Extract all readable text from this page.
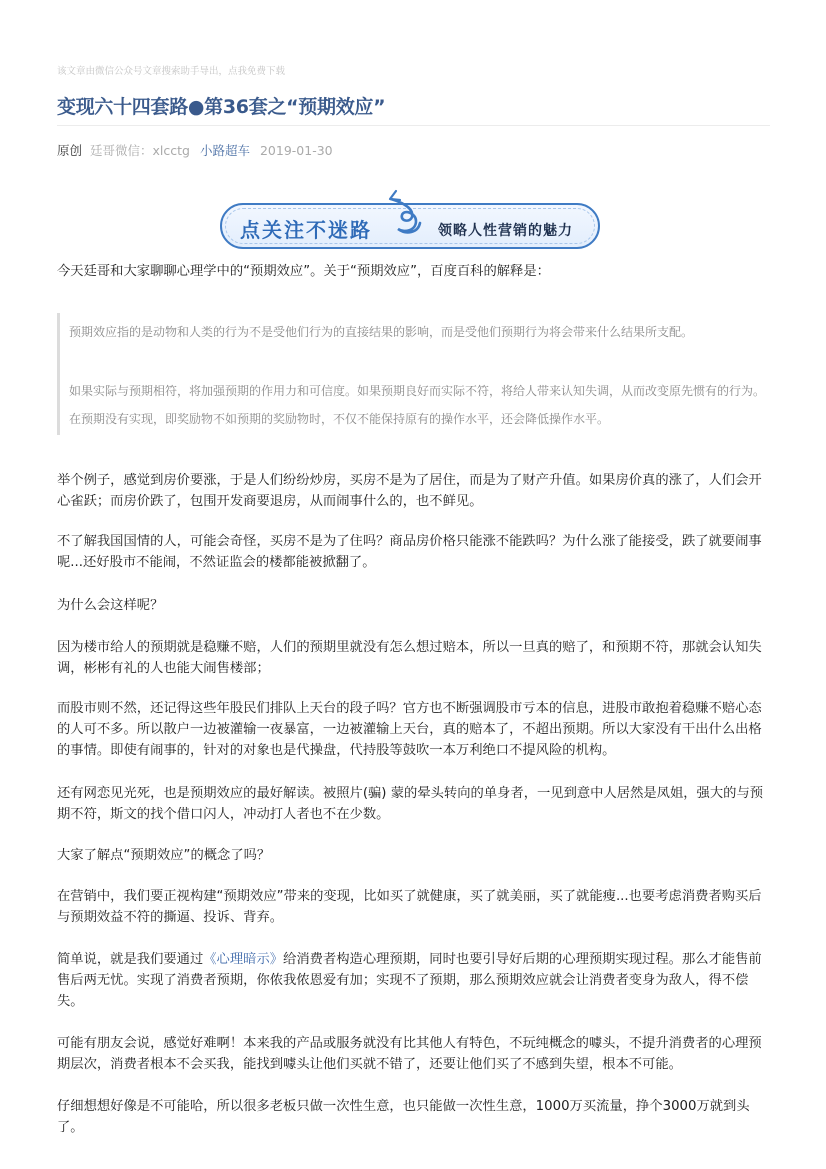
该文章由微信公众号文章搜索助手导出，点我免费下载
变现六十四套路●第36套之“预期效应”
原创 廷哥微信：xlcctg 小路超车 2019-01-30
点关注不迷路	领略人性营销的魅力

今天廷哥和大家聊聊心理学中的“预期效应”。关于“预期效应”，百度百科的解释是：

预期效应指的是动物和人类的行为不是受他们行为的直接结果的影响，而是受他们预期行为将会带来什么结果所支配。

如果实际与预期相符，将加强预期的作用力和可信度。如果预期良好而实际不符，将给人带来认知失调，从而改变原先惯有的行为。在预期没有实现，即奖励物不如预期的奖励物时，不仅不能保持原有的操作水平，还会降低操作水平。

举个例子，感觉到房价要涨，于是人们纷纷炒房，买房不是为了居住，而是为了财产升值。如果房价真的涨了，人们会开心雀跃；而房价跌了，包围开发商要退房，从而闹事什么的，也不鲜见。

不了解我国国情的人，可能会奇怪，买房不是为了住吗？商品房价格只能涨不能跌吗？为什么涨了能接受，跌了就要闹事呢...还好股市不能闹，不然证监会的楼都能被掀翻了。

为什么会这样呢？

因为楼市给人的预期就是稳赚不赔，人们的预期里就没有怎么想过赔本，所以一旦真的赔了，和预期不符，那就会认知失调，彬彬有礼的人也能大闹售楼部；

而股市则不然，还记得这些年股民们排队上天台的段子吗？官方也不断强调股市亏本的信息，进股市敢抱着稳赚不赔心态的人可不多。所以散户一边被灌输一夜暴富，一边被灌输上天台，真的赔本了，不超出预期。所以大家没有干出什么出格的事情。即使有闹事的，针对的对象也是代操盘，代持股等鼓吹一本万利绝口不提风险的机构。

还有网恋见光死，也是预期效应的最好解读。被照片(骗) 蒙的晕头转向的单身者，一见到意中人居然是凤姐，强大的与预期不符，斯文的找个借口闪人，冲动打人者也不在少数。

大家了解点“预期效应”的概念了吗？

在营销中，我们要正视构建“预期效应”带来的变现，比如买了就健康，买了就美丽，买了就能瘦...也要考虑消费者购买后与预期效益不符的撕逼、投诉、背弃。

简单说，就是我们要通过《心理暗示》给消费者构造心理预期，同时也要引导好后期的心理预期实现过程。那么才能售前售后两无忧。实现了消费者预期，你侬我侬恩爱有加；实现不了预期，那么预期效应就会让消费者变身为敌人，得不偿失。

可能有朋友会说，感觉好难啊！本来我的产品或服务就没有比其他人有特色，不玩纯概念的噱头，不提升消费者的心理预期层次，消费者根本不会买我，能找到噱头让他们买就不错了，还要让他们买了不感到失望，根本不可能。

仔细想想好像是不可能哈，所以很多老板只做一次性生意，也只能做一次性生意，1000万买流量，挣个3000万就到头了。
